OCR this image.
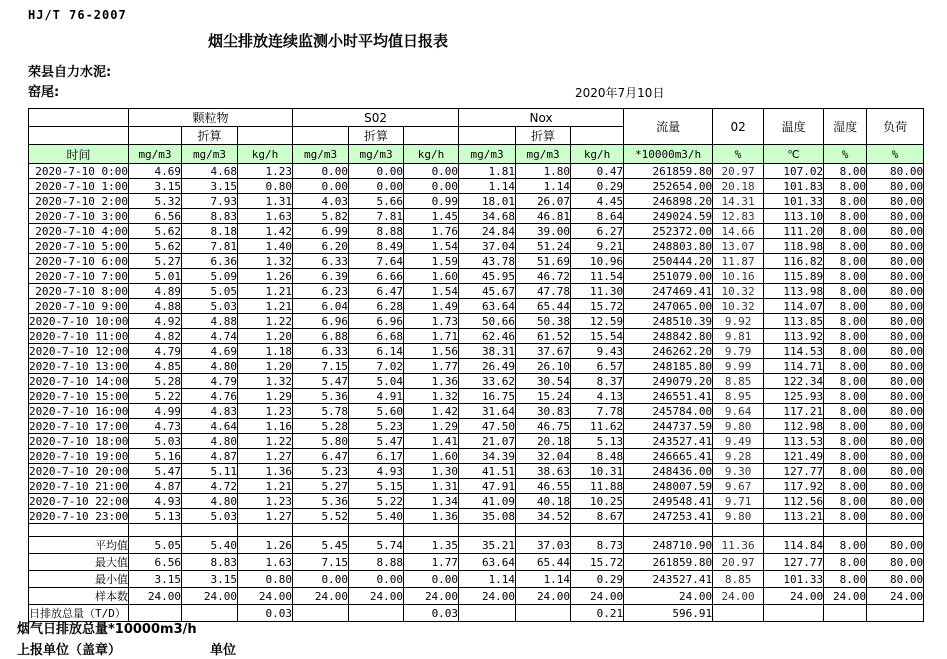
HJ/T 76-2007
烟尘排放连续监测小时平均值日报表
荣县自力水泥:
窑尾:	2020年7月10日
	颗粒物			S02			Nox			流量	02	温度	湿度	负荷
		折算			折算			折算						
时间	mg/m3	mg/m3	kg/h	mg/m3	mg/m3	kg/h	mg/m3	mg/m3	kg/h	*10000m3/h	%	℃	%	%
2020-7-10 0:00	4.69	4.68	1.23	0.00	0.00	0.00	1.81	1.80	0.47	261859.80	20.97	107.02	8.00	80.00
2020-7-10 1:00	3.15	3.15	0.80	0.00	0.00	0.00	1.14	1.14	0.29	252654.00	20.18	101.83	8.00	80.00
2020-7-10 2:00	5.32	7.93	1.31	4.03	5.66	0.99	18.01	26.07	4.45	246898.20	14.31	101.33	8.00	80.00
2020-7-10 3:00	6.56	8.83	1.63	5.82	7.81	1.45	34.68	46.81	8.64	249024.59	12.83	113.10	8.00	80.00
2020-7-10 4:00	5.62	8.18	1.42	6.99	8.88	1.76	24.84	39.00	6.27	252372.00	14.66	111.20	8.00	80.00
2020-7-10 5:00	5.62	7.81	1.40	6.20	8.49	1.54	37.04	51.24	9.21	248803.80	13.07	118.98	8.00	80.00
2020-7-10 6:00	5.27	6.36	1.32	6.33	7.64	1.59	43.78	51.69	10.96	250444.20	11.87	116.82	8.00	80.00
2020-7-10 7:00	5.01	5.09	1.26	6.39	6.66	1.60	45.95	46.72	11.54	251079.00	10.16	115.89	8.00	80.00
2020-7-10 8:00	4.89	5.05	1.21	6.23	6.47	1.54	45.67	47.78	11.30	247469.41	10.32	113.98	8.00	80.00
2020-7-10 9:00	4.88	5.03	1.21	6.04	6.28	1.49	63.64	65.44	15.72	247065.00	10.32	114.07	8.00	80.00
2020-7-10 10:00	4.92	4.88	1.22	6.96	6.96	1.73	50.66	50.38	12.59	248510.39	9.92	113.85	8.00	80.00
2020-7-10 11:00	4.82	4.74	1.20	6.88	6.68	1.71	62.46	61.52	15.54	248842.80	9.81	113.92	8.00	80.00
2020-7-10 12:00	4.79	4.69	1.18	6.33	6.14	1.56	38.31	37.67	9.43	246262.20	9.79	114.53	8.00	80.00
2020-7-10 13:00	4.85	4.80	1.20	7.15	7.02	1.77	26.49	26.10	6.57	248185.80	9.99	114.71	8.00	80.00
2020-7-10 14:00	5.28	4.79	1.32	5.47	5.04	1.36	33.62	30.54	8.37	249079.20	8.85	122.34	8.00	80.00
2020-7-10 15:00	5.22	4.76	1.29	5.36	4.91	1.32	16.75	15.24	4.13	246551.41	8.95	125.93	8.00	80.00
2020-7-10 16:00	4.99	4.83	1.23	5.78	5.60	1.42	31.64	30.83	7.78	245784.00	9.64	117.21	8.00	80.00
2020-7-10 17:00	4.73	4.64	1.16	5.28	5.23	1.29	47.50	46.75	11.62	244737.59	9.80	112.98	8.00	80.00
2020-7-10 18:00	5.03	4.80	1.22	5.80	5.47	1.41	21.07	20.18	5.13	243527.41	9.49	113.53	8.00	80.00
2020-7-10 19:00	5.16	4.87	1.27	6.47	6.17	1.60	34.39	32.04	8.48	246665.41	9.28	121.49	8.00	80.00
2020-7-10 20:00	5.47	5.11	1.36	5.23	4.93	1.30	41.51	38.63	10.31	248436.00	9.30	127.77	8.00	80.00
2020-7-10 21:00	4.87	4.72	1.21	5.27	5.15	1.31	47.91	46.55	11.88	248007.59	9.67	117.92	8.00	80.00
2020-7-10 22:00	4.93	4.80	1.23	5.36	5.22	1.34	41.09	40.18	10.25	249548.41	9.71	112.56	8.00	80.00
2020-7-10 23:00	5.13	5.03	1.27	5.52	5.40	1.36	35.08	34.52	8.67	247253.41	9.80	113.21	8.00	80.00

平均值	5.05	5.40	1.26	5.45	5.74	1.35	35.21	37.03	8.73	248710.90	11.36	114.84	8.00	80.00
最大值	6.56	8.83	1.63	7.15	8.88	1.77	63.64	65.44	15.72	261859.80	20.97	127.77	8.00	80.00
最小值	3.15	3.15	0.80	0.00	0.00	0.00	1.14	1.14	0.29	243527.41	8.85	101.33	8.00	80.00
样本数	24.00	24.00	24.00	24.00	24.00	24.00	24.00	24.00	24.00	24.00	24.00	24.00	24.00	24.00
日排放总量（T/D）			0.03			0.03			0.21	596.91				
烟气日排放总量*10000m3/h
上报单位（盖章）	单位
